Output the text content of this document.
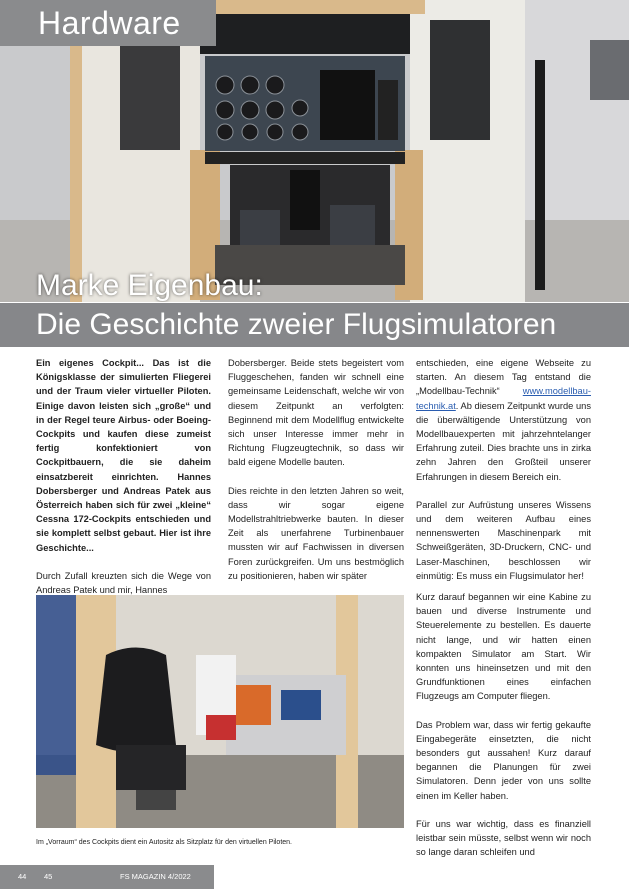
Hardware
Marke Eigenbau:
Die Geschichte zweier Flugsimulatoren

Ein eigenes Cockpit... Das ist die Königsklasse der simulierten Fliegerei und der Traum vieler virtueller Piloten. Einige davon leisten sich „große“ und in der Regel teure Airbus- oder Boeing-Cockpits und kaufen diese zumeist fertig konfektioniert von Cockpitbauern, die sie daheim einsatzbereit einrichten. Hannes Dobersberger und Andreas Patek aus Österreich haben sich für zwei „kleine“ Cessna 172-Cockpits entschieden und sie komplett selbst gebaut. Hier ist ihre Geschichte...

Durch Zufall kreuzten sich die Wege von Andreas Patek und mir, Hannes

Dobersberger. Beide stets begeistert vom Fluggeschehen, fanden wir schnell eine gemeinsame Leidenschaft, welche wir von diesem Zeitpunkt an verfolgten: Beginnend mit dem Modellflug entwickelte sich unser Interesse immer mehr in Richtung Flugzeugtechnik, so dass wir bald eigene Modelle bauten.

Dies reichte in den letzten Jahren so weit, dass wir sogar eigene Modellstrahltriebwerke bauten. In dieser Zeit als unerfahrene Turbinenbauer mussten wir auf Fachwissen in diversen Foren zurückgreifen. Um uns bestmöglich zu positionieren, haben wir später

entschieden, eine eigene Webseite zu starten. An diesem Tag entstand die „Modellbau-Technik“ www.modellbau-technik.at. Ab diesem Zeitpunkt wurde uns die überwältigende Unterstützung von Modellbauexperten mit jahrzehntelanger Erfahrung zuteil. Dies brachte uns in zirka zehn Jahren den Großteil unserer Erfahrungen in diesem Bereich ein.

Parallel zur Aufrüstung unseres Wissens und dem weiteren Aufbau eines nennenswerten Maschinenpark mit Schweißgeräten, 3D-Druckern, CNC- und Laser-Maschinen, beschlossen wir einmütig: Es muss ein Flugsimulator her!

Kurz darauf begannen wir eine Kabine zu bauen und diverse Instrumente und Steuerelemente zu bestellen. Es dauerte nicht lange, und wir hatten einen kompakten Simulator am Start. Wir konnten uns hineinsetzen und mit den Grundfunktionen eines einfachen Flugzeugs am Computer fliegen.

Das Problem war, dass wir fertig gekaufte Eingabegeräte einsetzten, die nicht besonders gut aussahen! Kurz darauf begannen die Planungen für zwei Simulatoren. Denn jeder von uns sollte einen im Keller haben.

Für uns war wichtig, dass es finanziell leistbar sein müsste, selbst wenn wir noch so lange daran schleifen und

Im „Vorraum“ des Cockpits dient ein Autositz als Sitzplatz für den virtuellen Piloten.
44 45	FS MAGAZIN 4/2022
